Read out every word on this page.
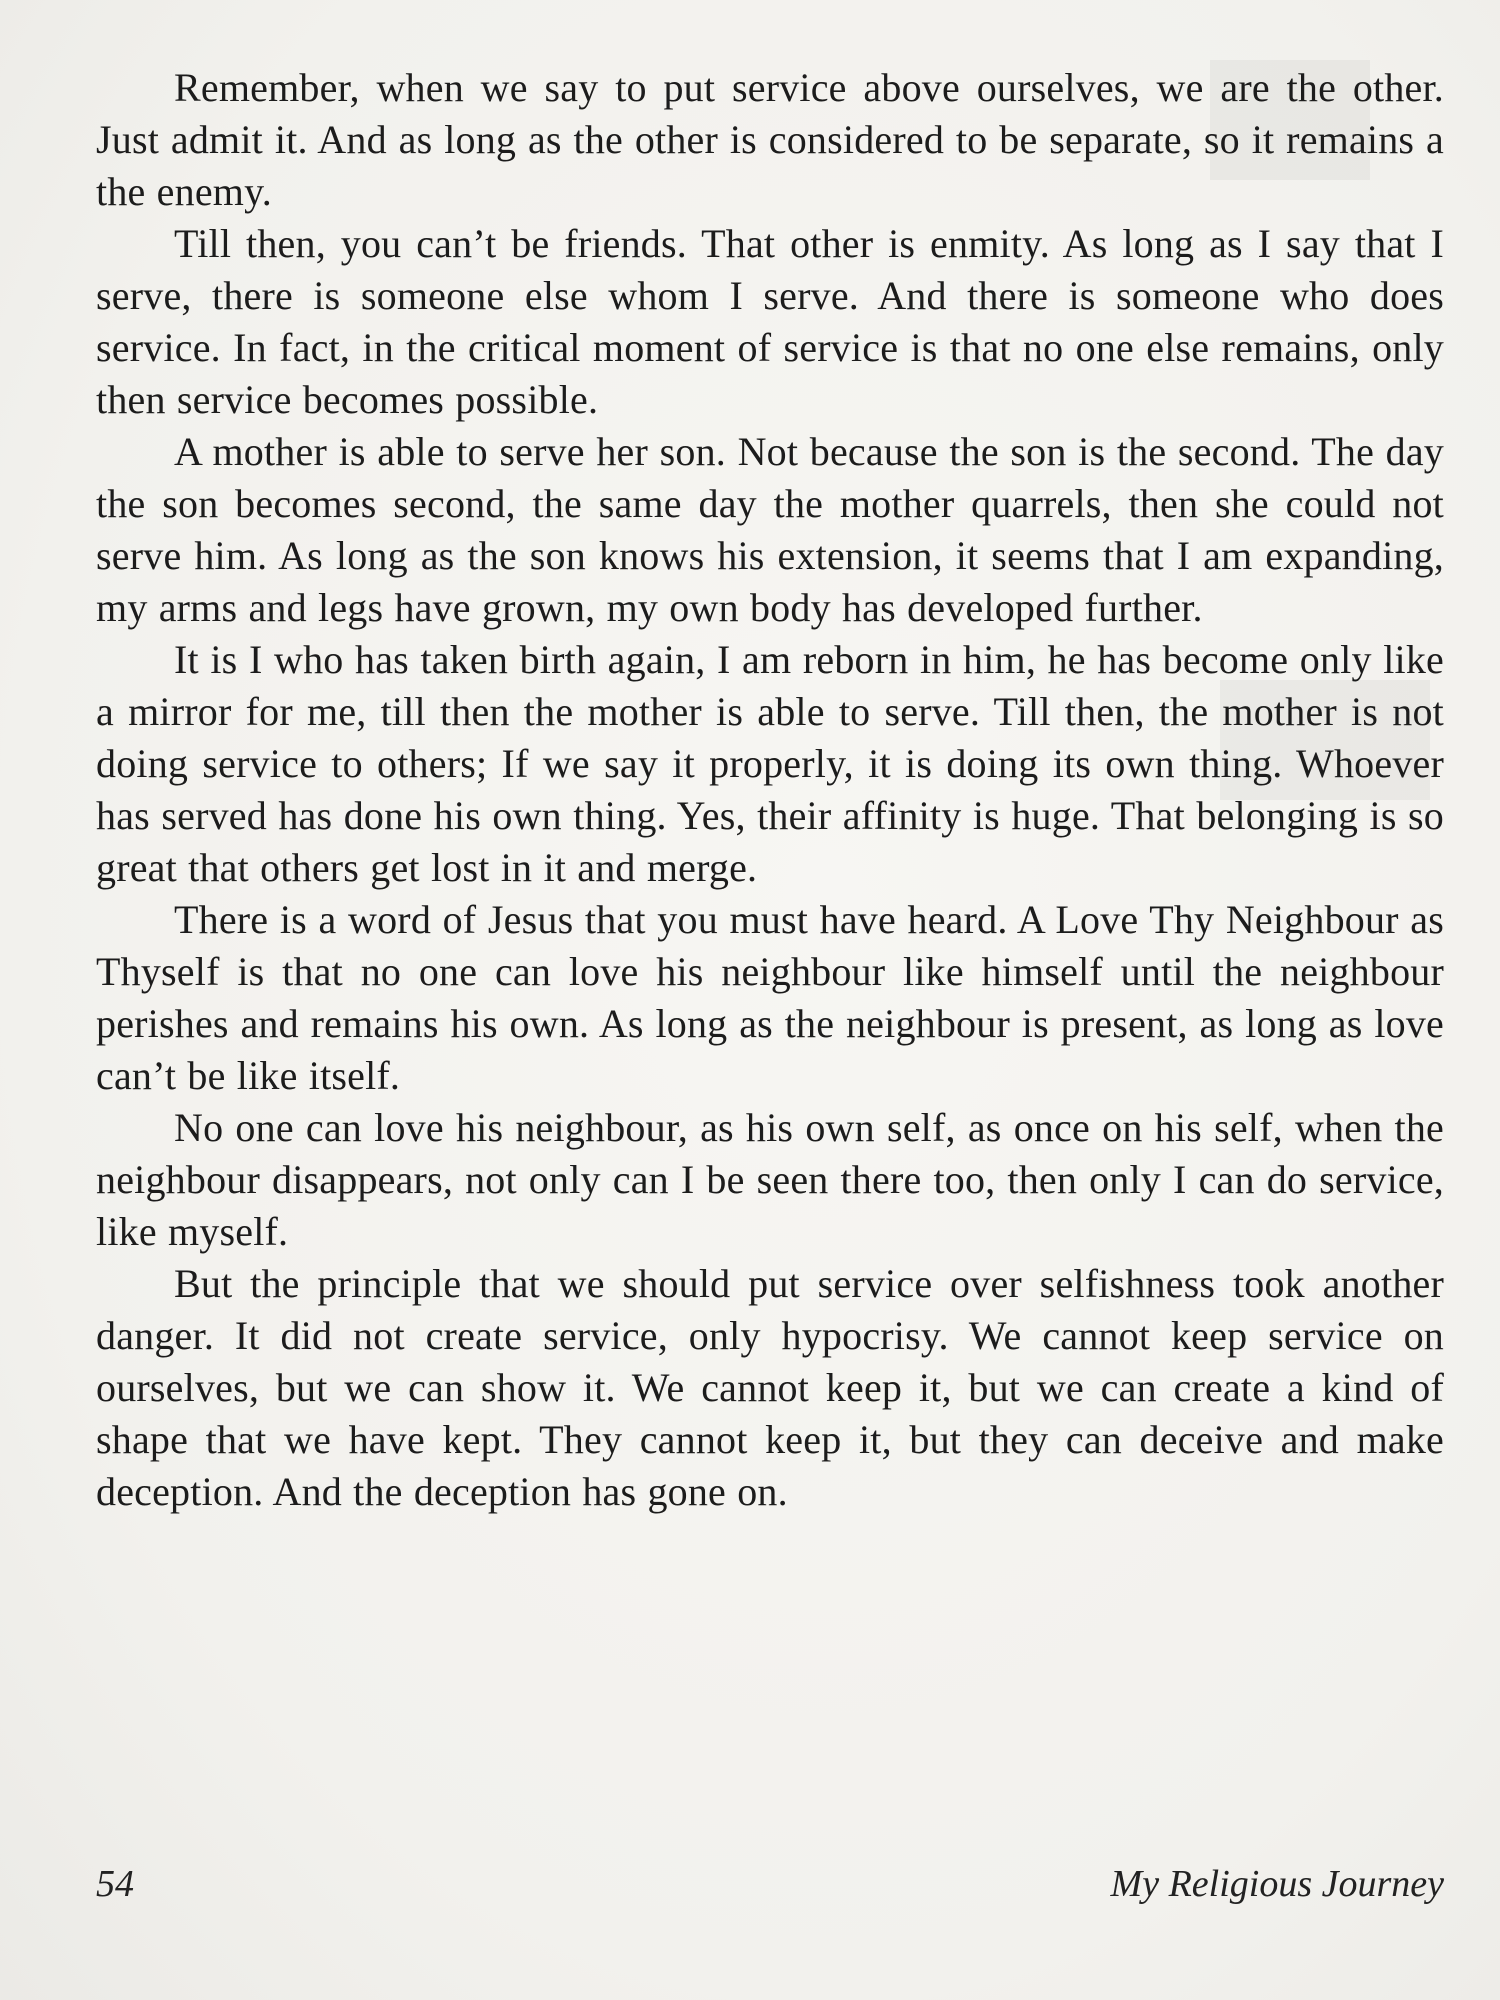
Remember, when we say to put service above ourselves, we are the other. Just admit it. And as long as the other is considered to be separate, so it remains a the enemy.

Till then, you can’t be friends. That other is enmity. As long as I say that I serve, there is someone else whom I serve. And there is someone who does service. In fact, in the critical moment of service is that no one else remains, only then service becomes possible.

A mother is able to serve her son. Not because the son is the second. The day the son becomes second, the same day the mother quarrels, then she could not serve him. As long as the son knows his extension, it seems that I am expanding, my arms and legs have grown, my own body has developed further.

It is I who has taken birth again, I am reborn in him, he has become only like a mirror for me, till then the mother is able to serve. Till then, the mother is not doing service to others; If we say it properly, it is doing its own thing. Whoever has served has done his own thing. Yes, their affinity is huge. That belonging is so great that others get lost in it and merge.

There is a word of Jesus that you must have heard. A Love Thy Neighbour as Thyself is that no one can love his neighbour like himself until the neighbour perishes and remains his own. As long as the neighbour is present, as long as love can’t be like itself.

No one can love his neighbour, as his own self, as once on his self, when the neighbour disappears, not only can I be seen there too, then only I can do service, like myself.

But the principle that we should put service over selfishness took another danger. It did not create service, only hypocrisy. We cannot keep service on ourselves, but we can show it. We cannot keep it, but we can create a kind of shape that we have kept. They cannot keep it, but they can deceive and make deception. And the deception has gone on.

54	My Religious Journey
